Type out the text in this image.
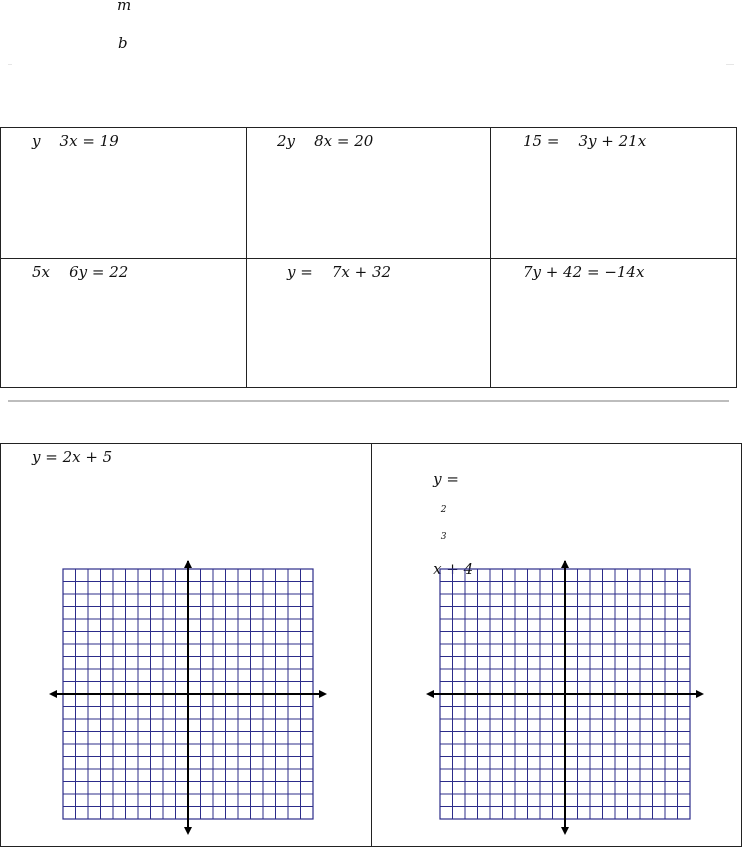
m
b
y    3x = 19	2y    8x = 20	15 =    3y + 21x

5x    6y = 22	y =    7x + 32	7y + 42 = −14x
y = 2x + 5

y =

2

3

x + 4
